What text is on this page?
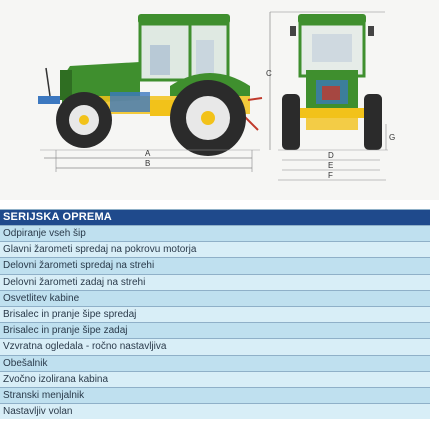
A
B
C
D
E
F
G
SERIJSKA OPREMA
Odpiranje vseh šip
Glavni žarometi spredaj na pokrovu motorja
Delovni žarometi spredaj na strehi
Delovni žarometi zadaj na strehi
Osvetlitev kabine
Brisalec in pranje šipe spredaj
Brisalec in pranje šipe zadaj
Vzvratna ogledala - ročno nastavljiva
Obešalnik
Zvočno izolirana kabina
Stranski menjalnik
Nastavljiv volan
